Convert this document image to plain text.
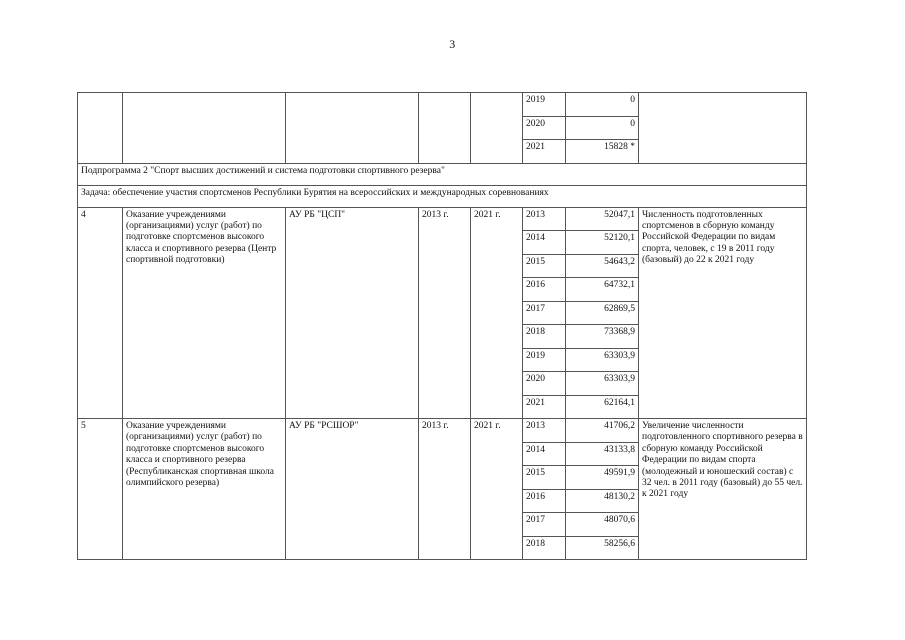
3
					2019	0	
					2020	0	
					2021	15828 *	
Подпрограмма 2 "Спорт высших достижений и система подготовки спортивного резерва"							
Задача: обеспечение участия спортсменов Республики Бурятия на всероссийских и международных соревнованиях							
4	Оказание учреждениями (организациями) услуг (работ) по подготовке спортсменов высокого класса и спортивного резерва (Центр спортивной подготовки)	АУ РБ "ЦСП"	2013 г.	2021 г.	2013	52047,1	Численность подготовленных спортсменов в сборную команду Российской Федерации по видам спорта, человек, с 19 в 2011 году (базовый) до 22 к 2021 году
					2014	52120,1	
					2015	54643,2	
					2016	64732,1	
					2017	62869,5	
					2018	73368,9	
					2019	63303,9	
					2020	63303,9	
					2021	62164,1	
5	Оказание учреждениями (организациями) услуг (работ) по подготовке спортсменов высокого класса и спортивного резерва (Республиканская спортивная школа олимпийского резерва)	АУ РБ "РСШОР"	2013 г.	2021 г.	2013	41706,2	Увеличение численности подготовленного спортивного резерва в сборную команду Российской Федерации по видам спорта (молодежный и юношеский состав) с 32 чел. в 2011 году (базовый) до 55 чел. к 2021 году
					2014	43133,8	
					2015	49591,9	
					2016	48130,2	
					2017	48070,6	
					2018	58256,6	
